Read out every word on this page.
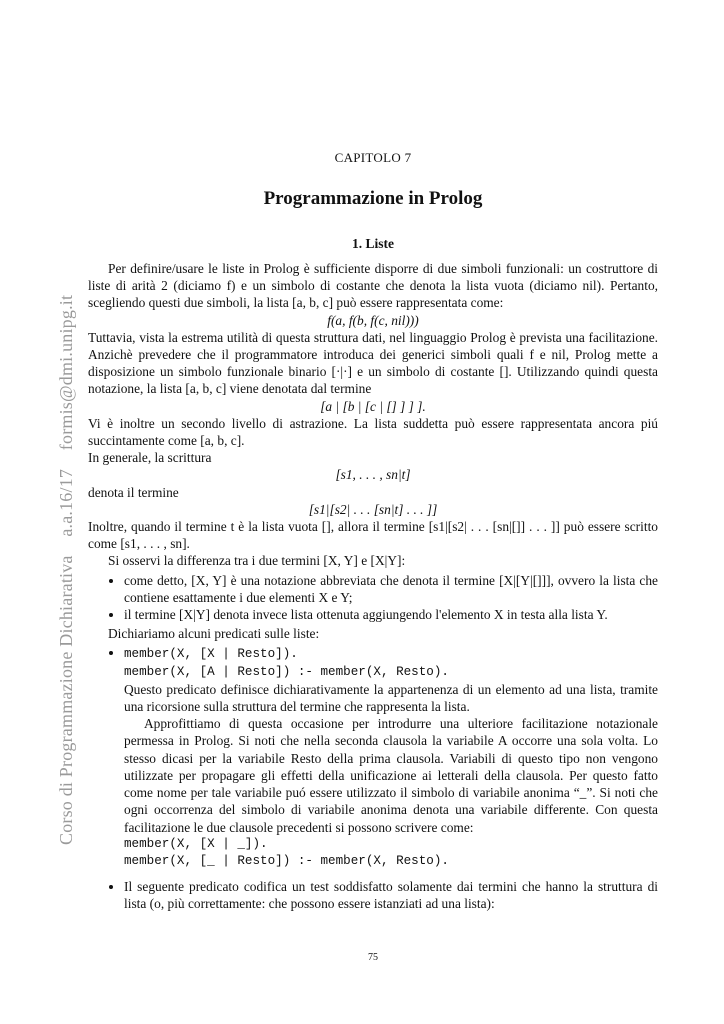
Corso di Programmazione Dichiarativa a.a.16/17 formis@dmi.unipg.it
CAPITOLO 7
Programmazione in Prolog
1. Liste

Per definire/usare le liste in Prolog è sufficiente disporre di due simboli funzionali: un costruttore di liste di arità 2 (diciamo f) e un simbolo di costante che denota la lista vuota (diciamo nil). Pertanto, scegliendo questi due simboli, la lista [a, b, c] può essere rappresentata come:

f(a, f(b, f(c, nil)))

Tuttavia, vista la estrema utilità di questa struttura dati, nel linguaggio Prolog è prevista una facilitazione. Anzichè prevedere che il programmatore introduca dei generici simboli quali f e nil, Prolog mette a disposizione un simbolo funzionale binario [·|·] e un simbolo di costante []. Utilizzando quindi questa notazione, la lista [a, b, c] viene denotata dal termine

[a | [b | [c | [] ] ] ].

Vi è inoltre un secondo livello di astrazione. La lista suddetta può essere rappresentata ancora piú succintamente come [a, b, c].

In generale, la scrittura

[s1, . . . , sn|t]

denota il termine

[s1|[s2| . . . [sn|t] . . . ]]

Inoltre, quando il termine t è la lista vuota [], allora il termine [s1|[s2| . . . [sn|[]] . . . ]] può essere scritto come [s1, . . . , sn].

Si osservi la differenza tra i due termini [X, Y] e [X|Y]:

• come detto, [X, Y] è una notazione abbreviata che denota il termine [X|[Y|[]]], ovvero la lista che contiene esattamente i due elementi X e Y;
• il termine [X|Y] denota invece lista ottenuta aggiungendo l'elemento X in testa alla lista Y.

Dichiariamo alcuni predicati sulle liste:

• member(X, [X | Resto]).
member(X, [A | Resto]) :- member(X, Resto).

Questo predicato definisce dichiarativamente la appartenenza di un elemento ad una lista, tramite una ricorsione sulla struttura del termine che rappresenta la lista.

Approfittiamo di questa occasione per introdurre una ulteriore facilitazione notazionale permessa in Prolog. Si noti che nella seconda clausola la variabile A occorre una sola volta. Lo stesso dicasi per la variabile Resto della prima clausola. Variabili di questo tipo non vengono utilizzate per propagare gli effetti della unificazione ai letterali della clausola. Per questo fatto come nome per tale variabile puó essere utilizzato il simbolo di variabile anonima “_”. Si noti che ogni occorrenza del simbolo di variabile anonima denota una variabile differente. Con questa facilitazione le due clausole precedenti si possono scrivere come:

member(X, [X | _]).
member(X, [_ | Resto]) :- member(X, Resto).
• Il seguente predicato codifica un test soddisfatto solamente dai termini che hanno la struttura di lista (o, più correttamente: che possono essere istanziati ad una lista):
75
